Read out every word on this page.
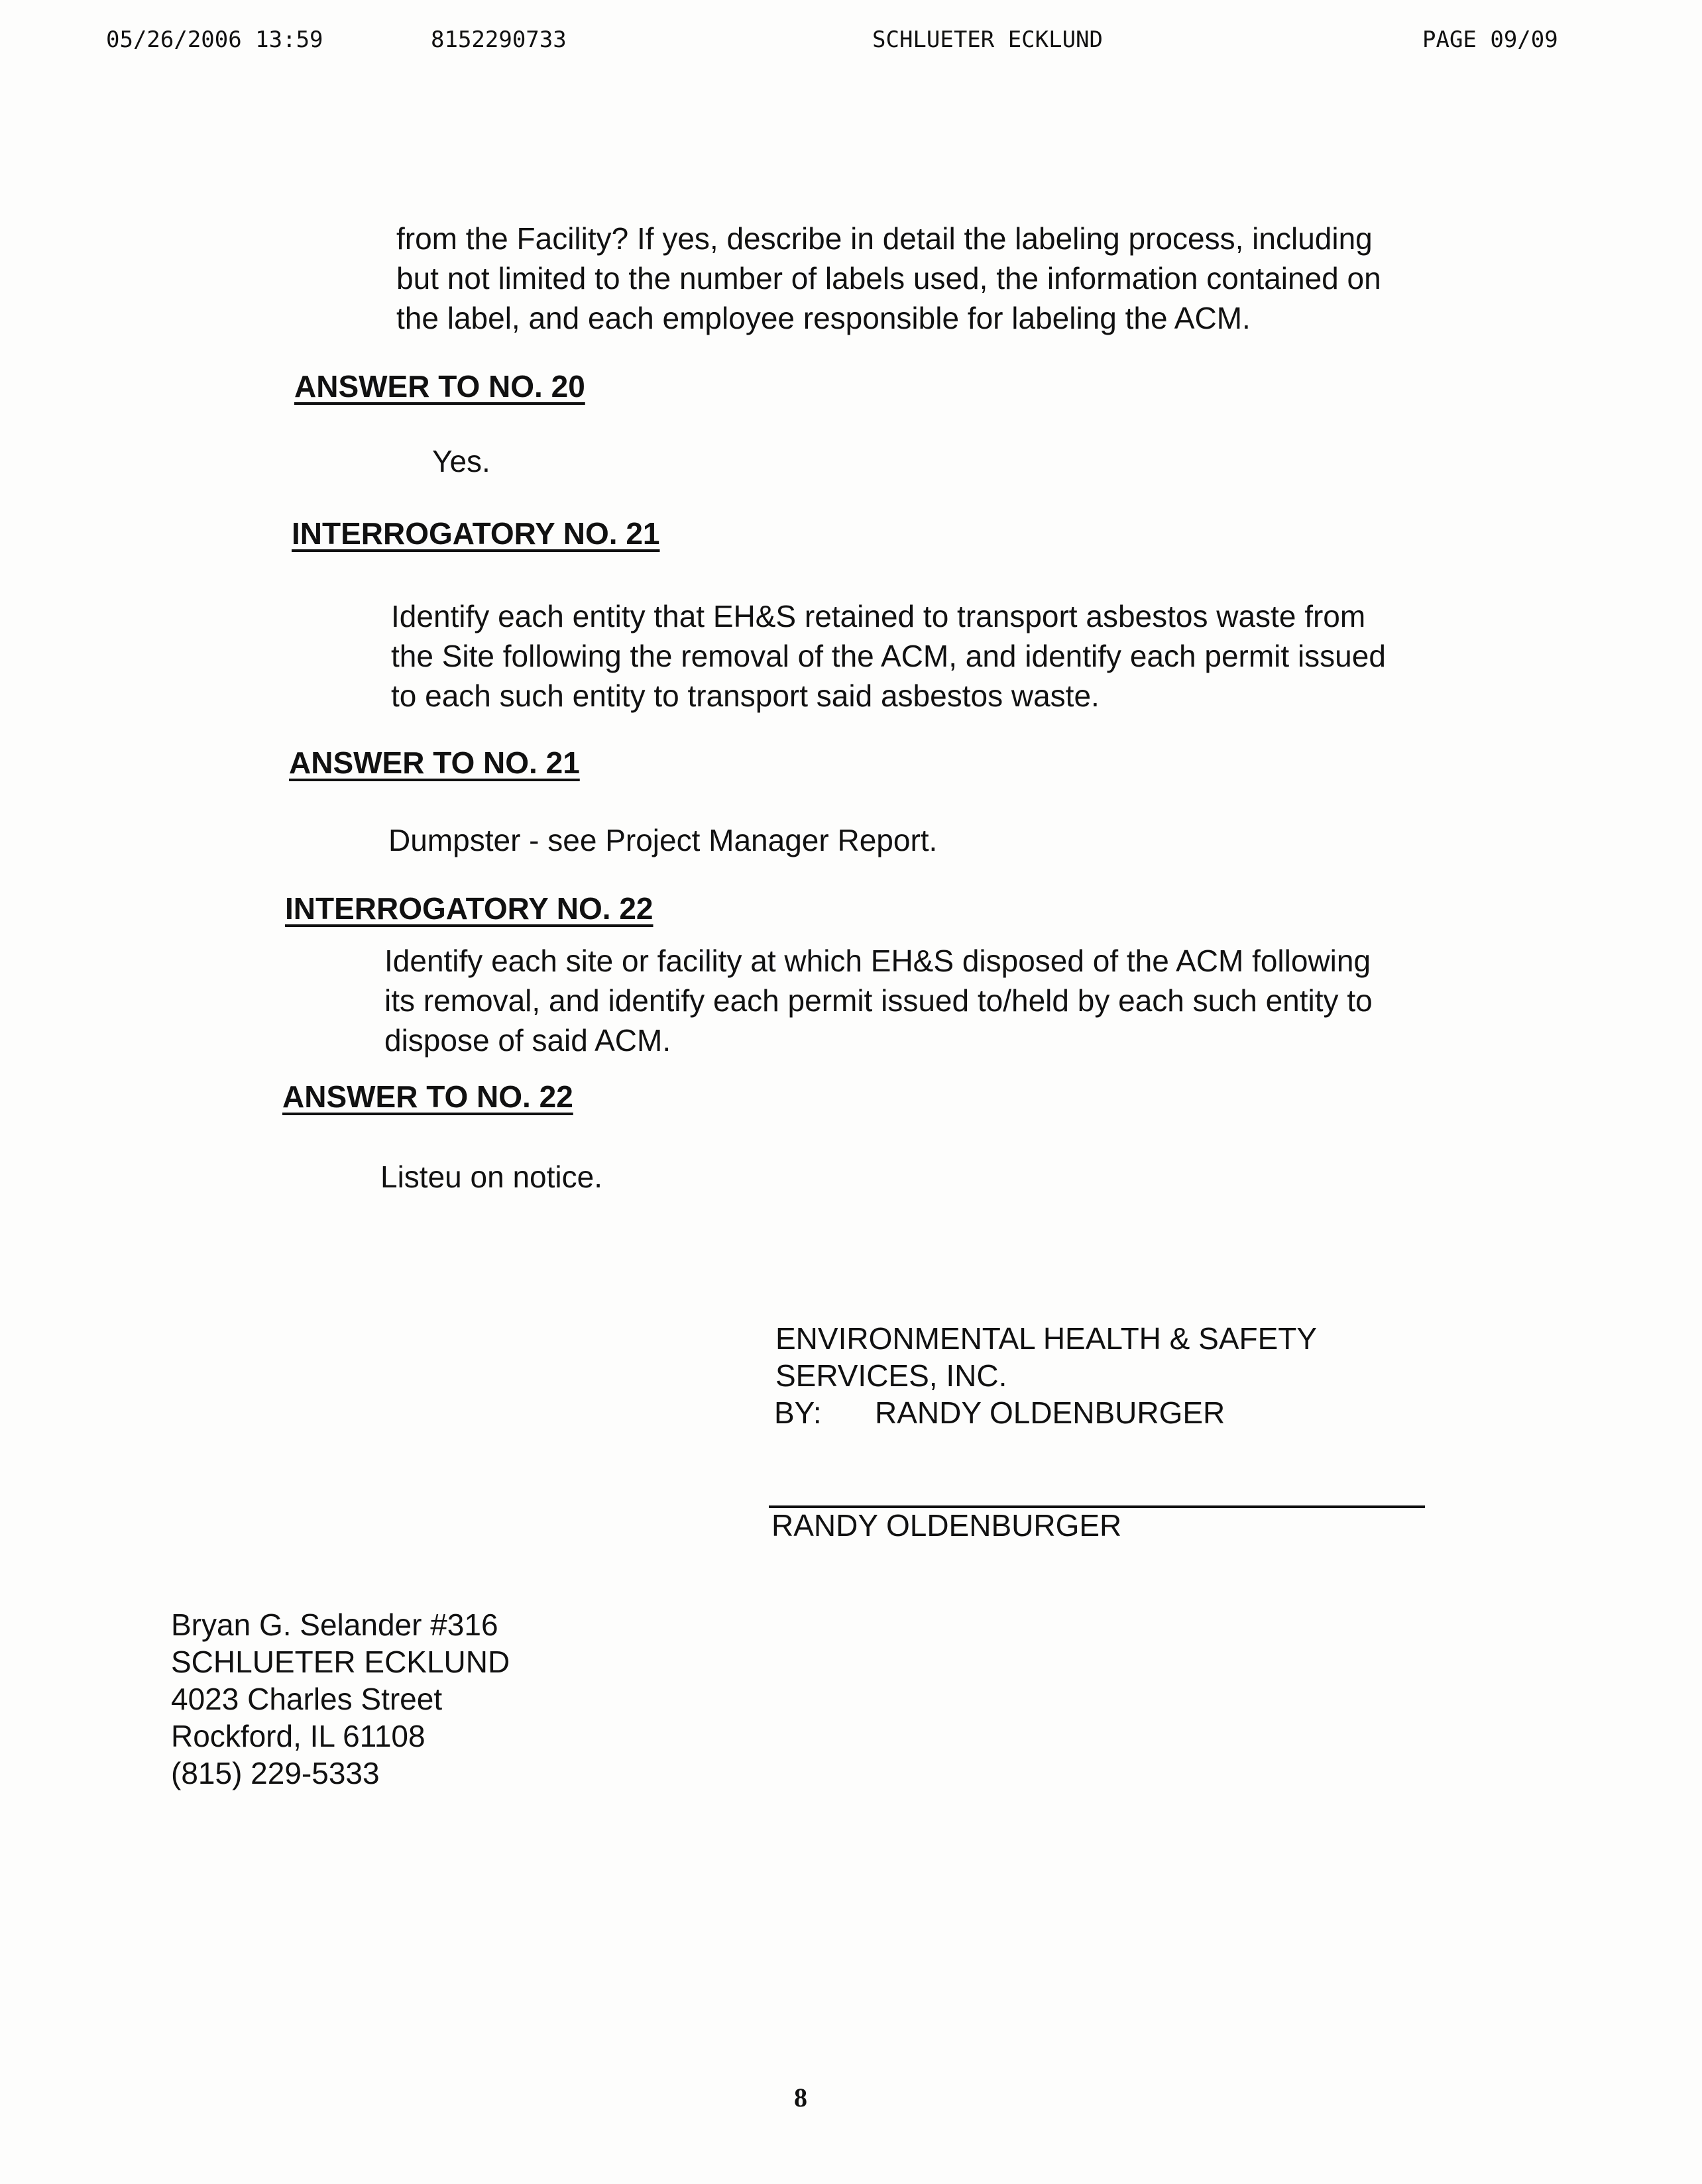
05/26/2006 13:59	8152290733	SCHLUETER ECKLUND	PAGE 09/09
from the Facility? If yes, describe in detail the labeling process, including
but not limited to the number of labels used, the information contained on
the label, and each employee responsible for labeling the ACM.
ANSWER TO NO. 20
Yes.
INTERROGATORY NO. 21
Identify each entity that EH&S retained to transport asbestos waste from
the Site following the removal of the ACM, and identify each permit issued
to each such entity to transport said asbestos waste.
ANSWER TO NO. 21
Dumpster - see Project Manager Report.
INTERROGATORY NO. 22
Identify each site or facility at which EH&S disposed of the ACM following
its removal, and identify each permit issued to/held by each such entity to
dispose of said ACM.
ANSWER TO NO. 22
Listeu on notice.
ENVIRONMENTAL HEALTH & SAFETY
SERVICES, INC.
BY: RANDY OLDENBURGER
RANDY OLDENBURGER
Bryan G. Selander #316
SCHLUETER ECKLUND
4023 Charles Street
Rockford, IL 61108
(815) 229-5333
8
